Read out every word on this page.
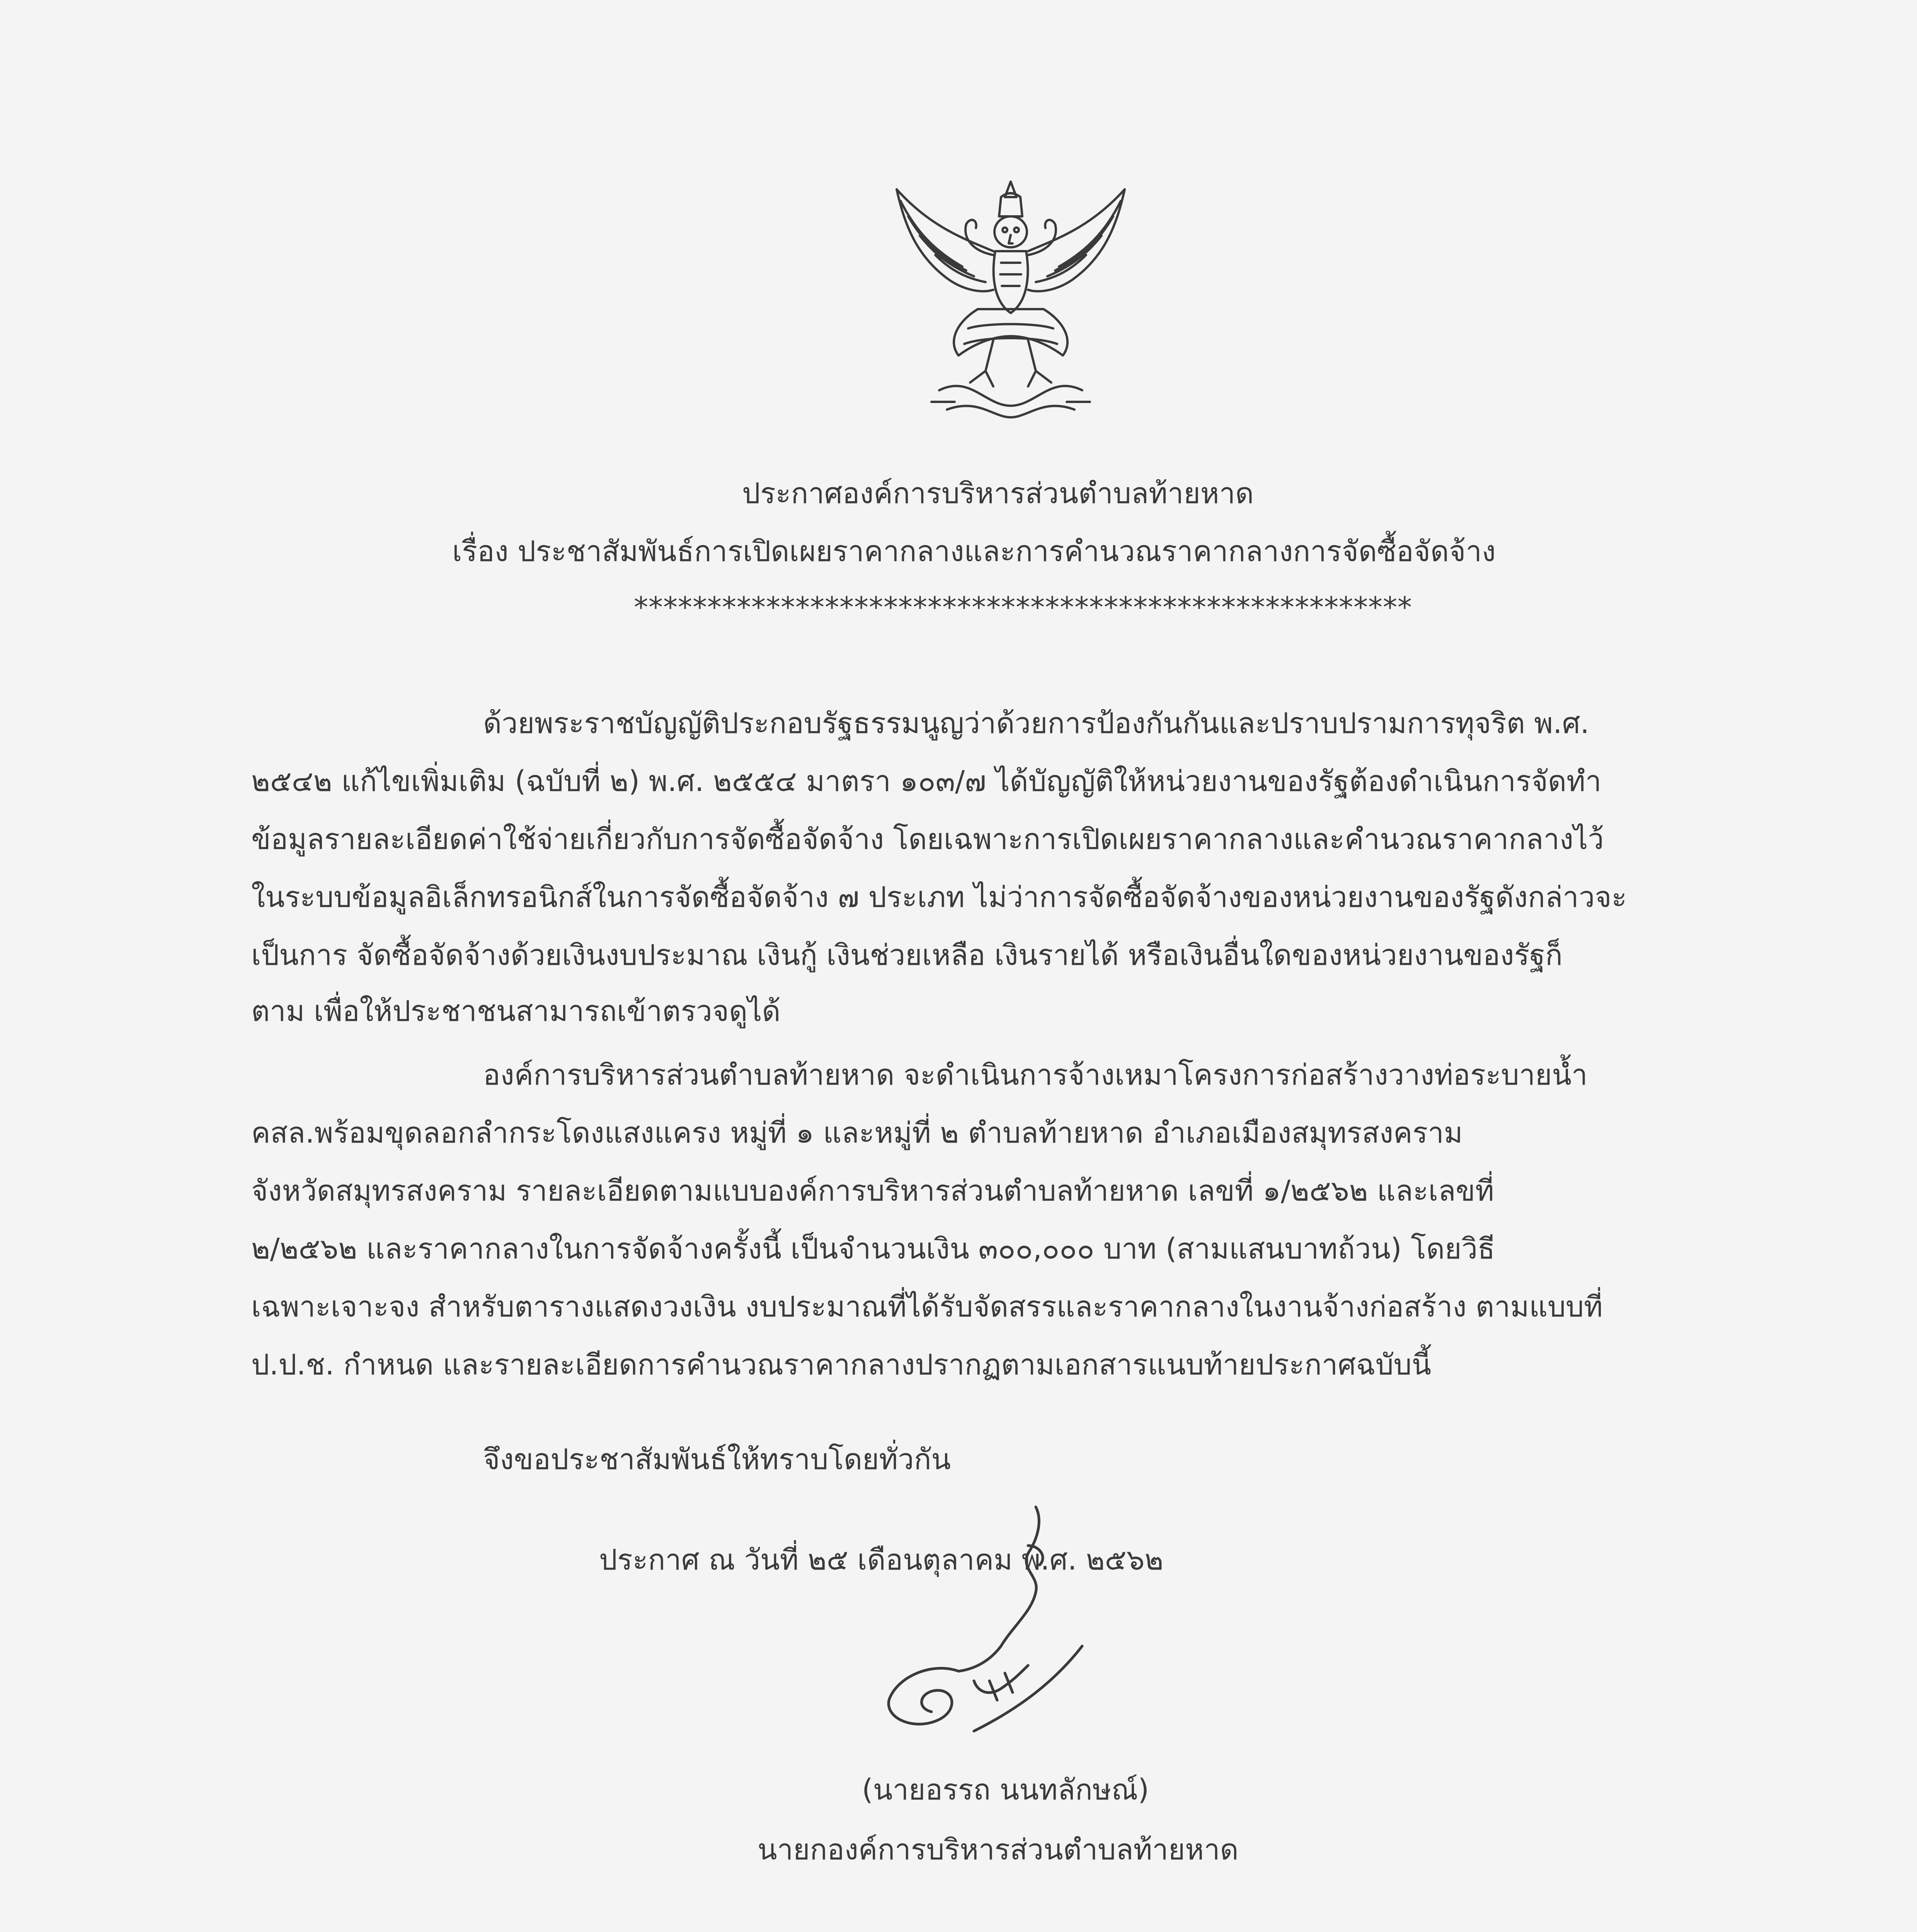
ประกาศองค์การบริหารส่วนตำบลท้ายหาด

เรื่อง ประชาสัมพันธ์การเปิดเผยราคากลางและการคำนวณราคากลางการจัดซื้อจัดจ้าง

*****************************************************

ด้วยพระราชบัญญัติประกอบรัฐธรรมนูญว่าด้วยการป้องกันกันและปราบปรามการทุจริต พ.ศ.

๒๕๔๒ แก้ไขเพิ่มเติม (ฉบับที่ ๒) พ.ศ. ๒๕๕๔ มาตรา ๑๐๓/๗ ได้บัญญัติให้หน่วยงานของรัฐต้องดำเนินการจัดทำ

ข้อมูลรายละเอียดค่าใช้จ่ายเกี่ยวกับการจัดซื้อจัดจ้าง โดยเฉพาะการเปิดเผยราคากลางและคำนวณราคากลางไว้

ในระบบข้อมูลอิเล็กทรอนิกส์ในการจัดซื้อจัดจ้าง ๗ ประเภท ไม่ว่าการจัดซื้อจัดจ้างของหน่วยงานของรัฐดังกล่าวจะ

เป็นการ จัดซื้อจัดจ้างด้วยเงินงบประมาณ เงินกู้ เงินช่วยเหลือ เงินรายได้ หรือเงินอื่นใดของหน่วยงานของรัฐก็

ตาม เพื่อให้ประชาชนสามารถเข้าตรวจดูได้

องค์การบริหารส่วนตำบลท้ายหาด จะดำเนินการจ้างเหมาโครงการก่อสร้างวางท่อระบายน้ำ

คสล.พร้อมขุดลอกลำกระโดงแสงแครง หมู่ที่ ๑ และหมู่ที่ ๒ ตำบลท้ายหาด อำเภอเมืองสมุทรสงคราม

จังหวัดสมุทรสงคราม รายละเอียดตามแบบองค์การบริหารส่วนตำบลท้ายหาด เลขที่ ๑/๒๕๖๒ และเลขที่

๒/๒๕๖๒ และราคากลางในการจัดจ้างครั้งนี้ เป็นจำนวนเงิน ๓๐๐,๐๐๐ บาท (สามแสนบาทถ้วน) โดยวิธี

เฉพาะเจาะจง สำหรับตารางแสดงวงเงิน งบประมาณที่ได้รับจัดสรรและราคากลางในงานจ้างก่อสร้าง ตามแบบที่

ป.ป.ช. กำหนด และรายละเอียดการคำนวณราคากลางปรากฏตามเอกสารแนบท้ายประกาศฉบับนี้

จึงขอประชาสัมพันธ์ให้ทราบโดยทั่วกัน

ประกาศ ณ วันที่ ๒๕ เดือนตุลาคม พ.ศ. ๒๕๖๒

(นายอรรถ นนทลักษณ์)

นายกองค์การบริหารส่วนตำบลท้ายหาด
